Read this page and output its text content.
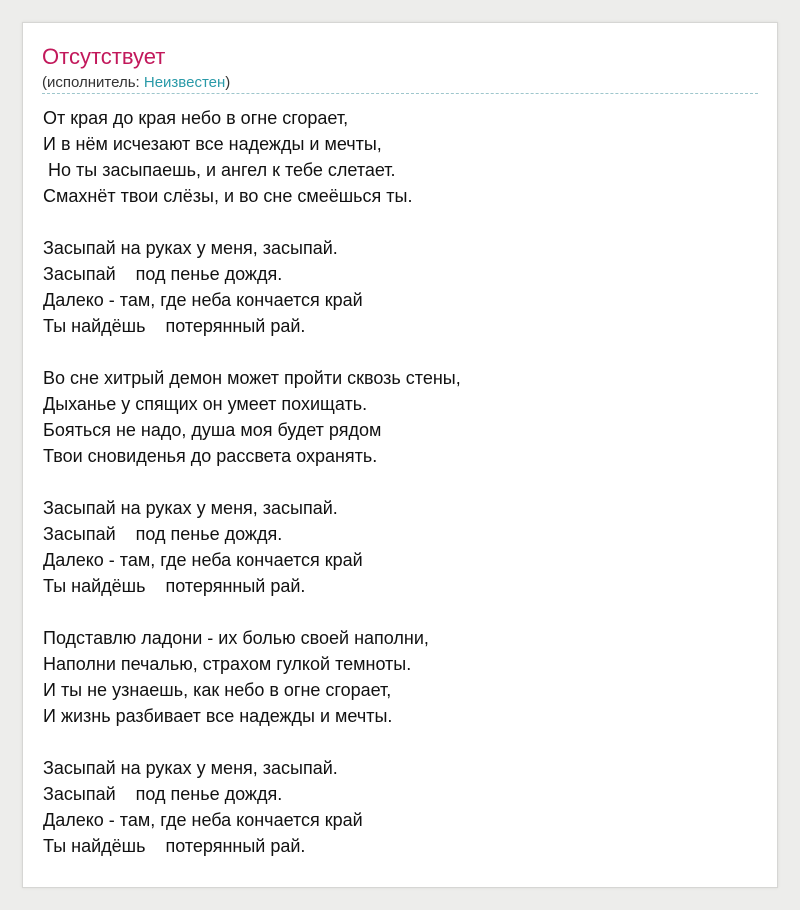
Отсутствует
(исполнитель: Неизвестен)
От края до края небо в огне сгорает,
И в нём исчезают все надежды и мечты,
Но ты засыпаешь, и ангел к тебе слетает.
Смахнёт твои слёзы, и во сне смеёшься ты.
Засыпай на руках у меня, засыпай.
Засыпай    под пенье дождя.
Далеко - там, где неба кончается край
Ты найдёшь    потерянный рай.
Во сне хитрый демон может пройти сквозь стены,
Дыханье у спящих он умеет похищать.
Бояться не надо, душа моя будет рядом
Твои сновиденья до рассвета охранять.
Засыпай на руках у меня, засыпай.
Засыпай    под пенье дождя.
Далеко - там, где неба кончается край
Ты найдёшь    потерянный рай.
Подставлю ладони - их болью своей наполни,
Наполни печалью, страхом гулкой темноты.
И ты не узнаешь, как небо в огне сгорает,
И жизнь разбивает все надежды и мечты.
Засыпай на руках у меня, засыпай.
Засыпай    под пенье дождя.
Далеко - там, где неба кончается край
Ты найдёшь    потерянный рай.
